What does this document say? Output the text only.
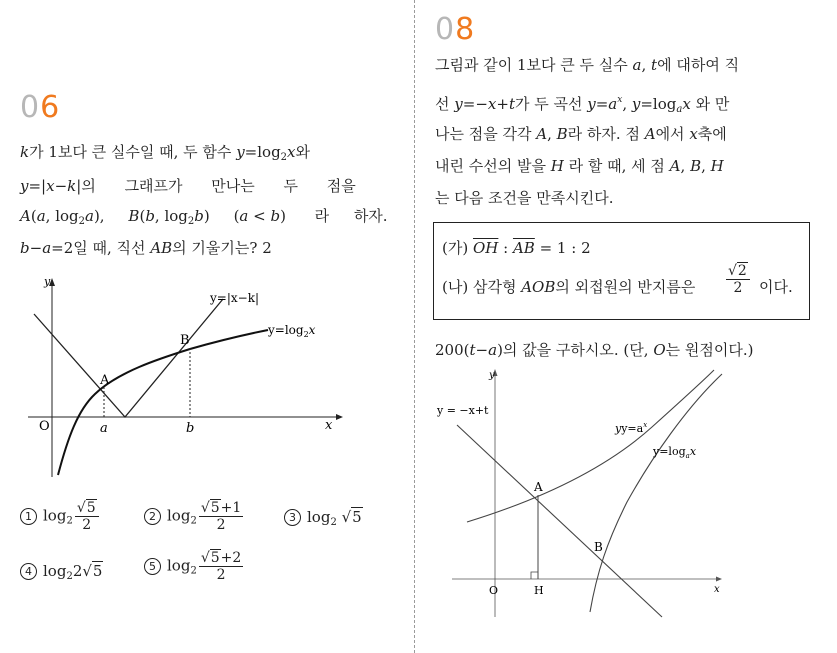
06
k가 1보다 큰 실수일 때, 두 함수 $y=\log_2x$와
y=|x−k|의 그래프가 만나는 두 점을
A(a, $\log_2a$),     B(b, $\log_2b$)     (a < b)      라 하자.
b−a=2일 때, 직선 AB의 기울기는? 2
y=|x−k|
$y=\log_2x$
A
B
O	a	b	x
y
1 $\log_2 \frac{√5}{2}$	2 $\log_2 \frac{√5+1}{2}$	3 $\log_2 √5$
4 $\log_22√5$	5 $\log_2 \frac{√5+2}{2}$
08
그림과 같이 1보다 큰 두 실수 a, t에 대하여 직
선 y=−x+t가 두 곡선 $y=a^x$, $y=\log_ax$ 와 만
나는 점을 각각 A, B라 하자. 점 A에서 x축에
내린 수선의 발을 H 라 할 때, 세 점 A, B, H
는 다음 조건을 만족시킨다.
(가) $\overline{OH}$ : $\overline{AB} = 1$ : 2
(나) 삼각형 AOB의 외접원의 반지름은 $\frac{√2}{2}$ 이다.
200(t−a)의 값을 구하시오. (단, O는 원점이다.)
y = −x+t
$yy=a^x$
$y=\log_ax$
A
B
O	H	x
y
